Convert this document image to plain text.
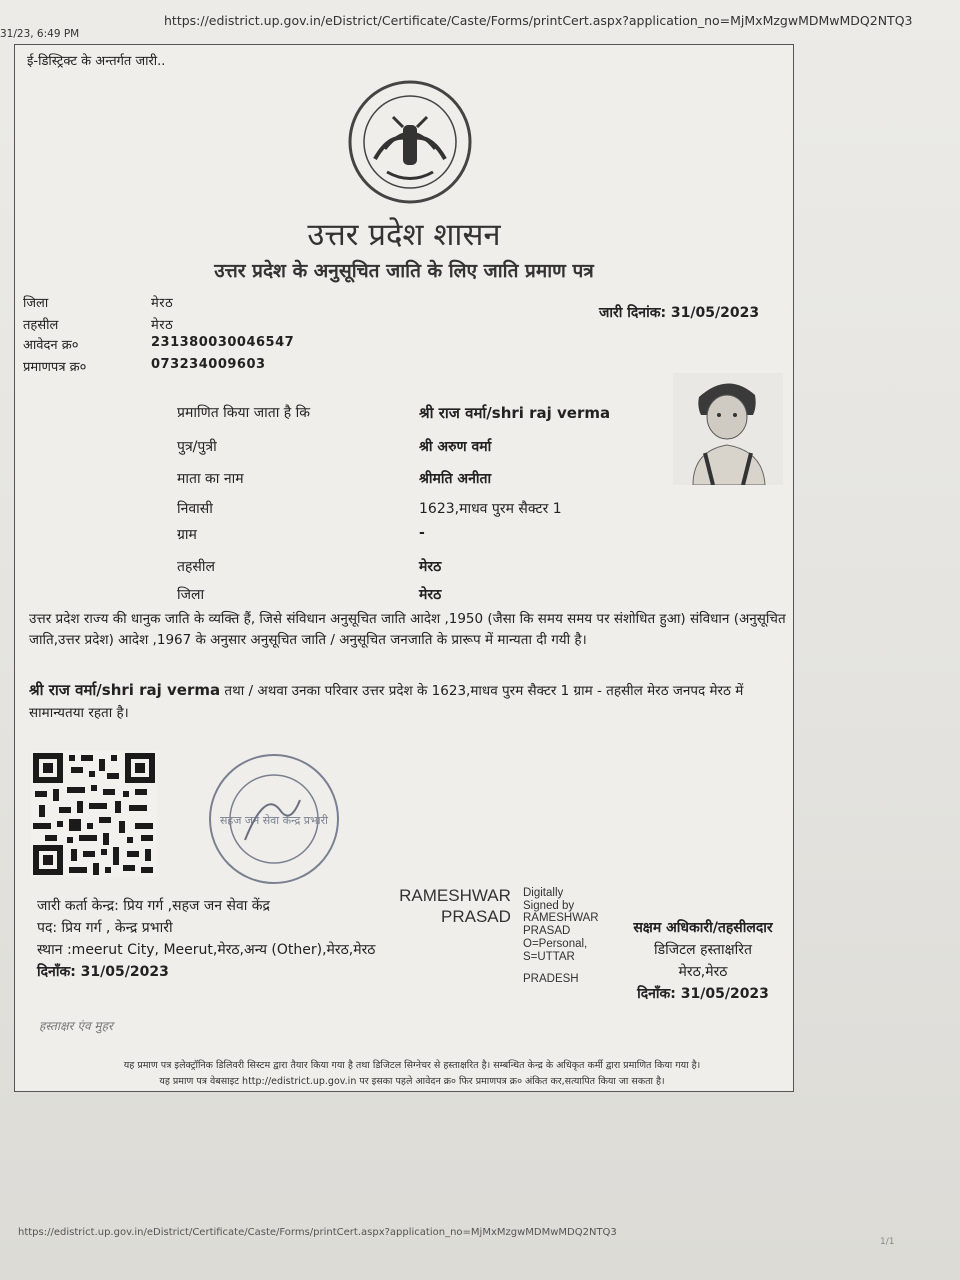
31/23, 6:49 PM
https://edistrict.up.gov.in/eDistrict/Certificate/Caste/Forms/printCert.aspx?application_no=MjMxMzgwMDMwMDQ2NTQ3
ई-डिस्ट्रिक्ट के अन्तर्गत जारी..
उत्तर प्रदेश शासन
उत्तर प्रदेश के अनुसूचित जाति के लिए जाति प्रमाण पत्र
जिला	मेरठ
तहसील	मेरठ
आवेदन क्र०	231380030046547
प्रमाणपत्र क्र०	073234009603
जारी दिनांक: 31/05/2023
प्रमाणित किया जाता है कि	श्री राज वर्मा/shri raj verma
पुत्र/पुत्री	श्री अरुण वर्मा
माता का नाम	श्रीमति अनीता
निवासी	1623,माधव पुरम सैक्टर 1
ग्राम	-
तहसील	मेरठ
जिला	मेरठ
उत्तर प्रदेश राज्य की धानुक जाति के व्यक्ति हैं, जिसे संविधान अनुसूचित जाति आदेश ,1950 (जैसा कि समय समय पर संशोधित हुआ) संविधान (अनुसूचित जाति,उत्तर प्रदेश) आदेश ,1967 के अनुसार अनुसूचित जाति / अनुसूचित जनजाति के प्रारूप में मान्यता दी गयी है।
श्री राज वर्मा/shri raj verma तथा / अथवा उनका परिवार उत्तर प्रदेश के 1623,माधव पुरम सैक्टर 1 ग्राम - तहसील मेरठ जनपद मेरठ में सामान्यतया रहता है।
सहज जन सेवा केन्द्र प्रभारी
जारी कर्ता केन्द्र: प्रिय गर्ग ,सहज जन सेवा केंद्र
पद: प्रिय गर्ग , केन्द्र प्रभारी
स्थान :meerut City, Meerut,मेरठ,अन्य (Other),मेरठ,मेरठ
दिनाँक: 31/05/2023
RAMESHWAR
PRASAD
Digitally
Signed by
RAMESHWAR
PRASAD
O=Personal,
S=UTTAR
PRADESH
सक्षम अधिकारी/तहसीलदार
डिजिटल हस्ताक्षरित
मेरठ,मेरठ
दिनाँक: 31/05/2023
हस्ताक्षर एंव मुहर
यह प्रमाण पत्र इलेक्ट्रॉनिक डिलिवरी सिस्टम द्वारा तैयार किया गया है तथा डिजिटल सिग्नेचर से हस्ताक्षरित है। सम्बन्धित केन्द्र के अधिकृत कर्मी द्वारा प्रमाणित किया गया है।
यह प्रमाण पत्र वेबसाइट http://edistrict.up.gov.in पर इसका पहले आवेदन क्र० फिर प्रमाणपत्र क्र० अंकित कर,सत्यापित किया जा सकता है।
https://edistrict.up.gov.in/eDistrict/Certificate/Caste/Forms/printCert.aspx?application_no=MjMxMzgwMDMwMDQ2NTQ3
1/1
